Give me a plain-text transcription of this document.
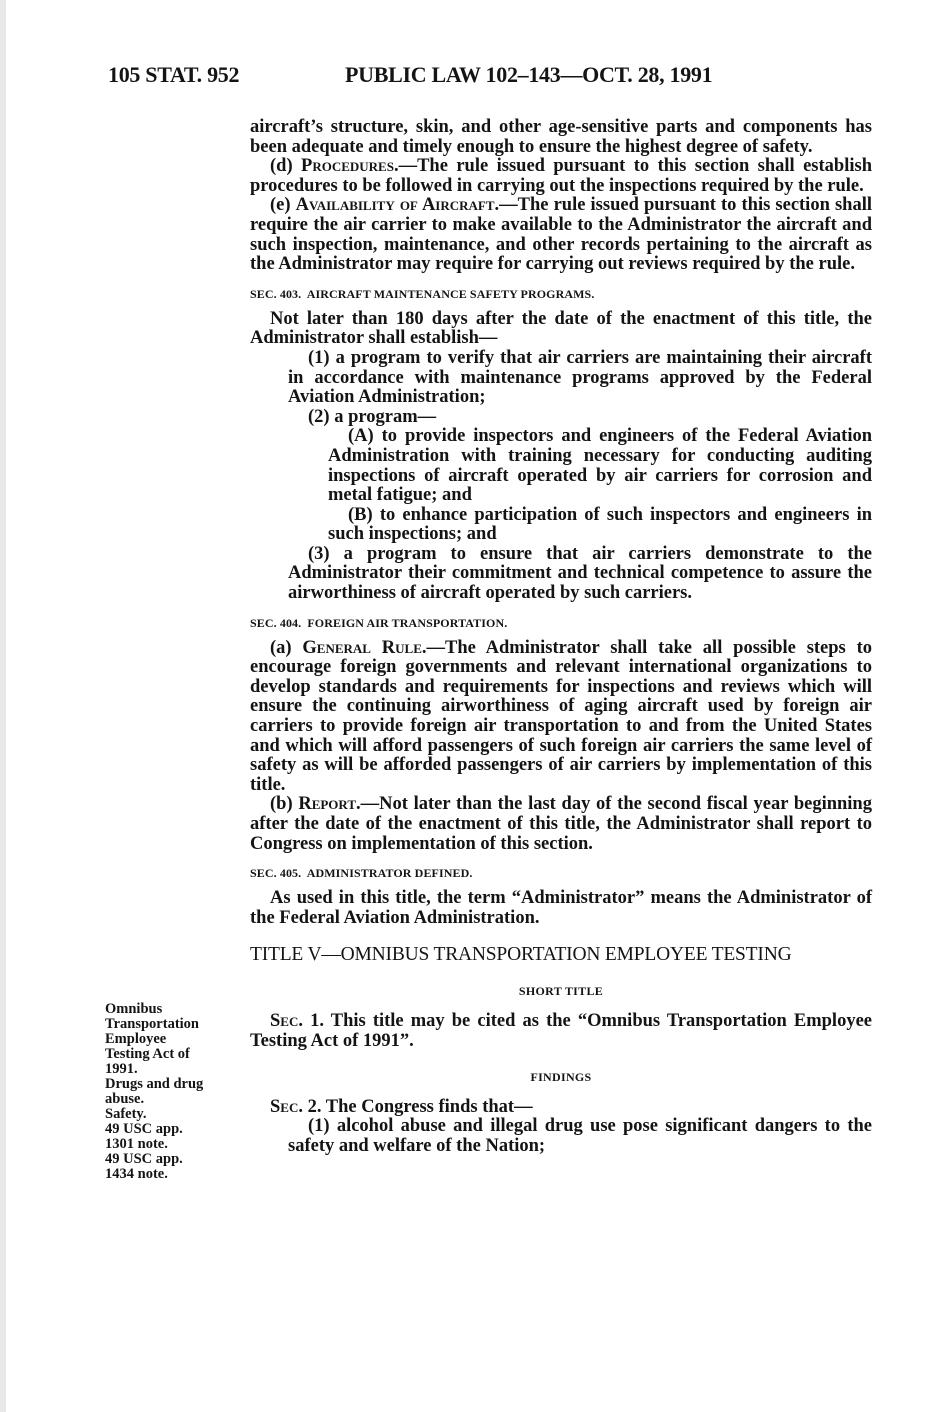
105 STAT. 952	PUBLIC LAW 102–143—OCT. 28, 1991

aircraft’s structure, skin, and other age-sensitive parts and components has been adequate and timely enough to ensure the highest degree of safety.

(d) Procedures.—The rule issued pursuant to this section shall establish procedures to be followed in carrying out the inspections required by the rule.

(e) Availability of Aircraft.—The rule issued pursuant to this section shall require the air carrier to make available to the Administrator the aircraft and such inspection, maintenance, and other records pertaining to the aircraft as the Administrator may require for carrying out reviews required by the rule.

SEC. 403. AIRCRAFT MAINTENANCE SAFETY PROGRAMS.

Not later than 180 days after the date of the enactment of this title, the Administrator shall establish—

(1) a program to verify that air carriers are maintaining their aircraft in accordance with maintenance programs approved by the Federal Aviation Administration;

(2) a program—

(A) to provide inspectors and engineers of the Federal Aviation Administration with training necessary for conducting auditing inspections of aircraft operated by air carriers for corrosion and metal fatigue; and

(B) to enhance participation of such inspectors and engineers in such inspections; and

(3) a program to ensure that air carriers demonstrate to the Administrator their commitment and technical competence to assure the airworthiness of aircraft operated by such carriers.

SEC. 404. FOREIGN AIR TRANSPORTATION.

(a) General Rule.—The Administrator shall take all possible steps to encourage foreign governments and relevant international organizations to develop standards and requirements for inspections and reviews which will ensure the continuing airworthiness of aging aircraft used by foreign air carriers to provide foreign air transportation to and from the United States and which will afford passengers of such foreign air carriers the same level of safety as will be afforded passengers of air carriers by implementation of this title.

(b) Report.—Not later than the last day of the second fiscal year beginning after the date of the enactment of this title, the Administrator shall report to Congress on implementation of this section.

SEC. 405. ADMINISTRATOR DEFINED.

As used in this title, the term “Administrator” means the Administrator of the Federal Aviation Administration.

TITLE V—OMNIBUS TRANSPORTATION EMPLOYEE TESTING

SHORT TITLE

Sec. 1. This title may be cited as the “Omnibus Transportation Employee Testing Act of 1991”.

FINDINGS

Sec. 2. The Congress finds that—

(1) alcohol abuse and illegal drug use pose significant dangers to the safety and welfare of the Nation;

Omnibus
Transportation
Employee
Testing Act of
1991.
Drugs and drug
abuse.
Safety.
49 USC app.
1301 note.
49 USC app.
1434 note.
